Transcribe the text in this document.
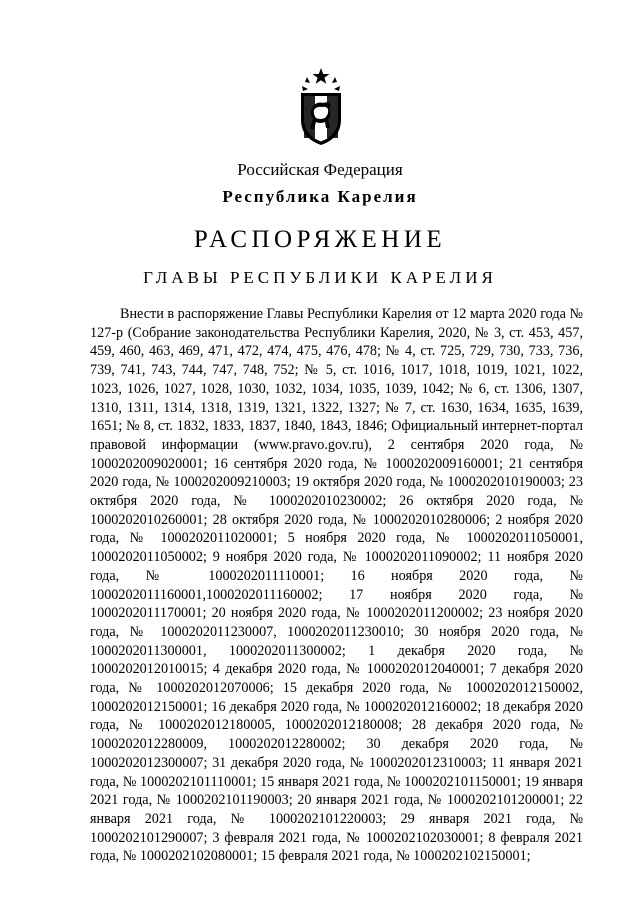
Российская Федерация
Республика Карелия
РАСПОРЯЖЕНИЕ
ГЛАВЫ РЕСПУБЛИКИ КАРЕЛИЯ

Внести в распоряжение Главы Республики Карелия от 12 марта 2020 года № 127-р (Собрание законодательства Республики Карелия, 2020, № 3, ст. 453, 457, 459, 460, 463, 469, 471, 472, 474, 475, 476, 478; № 4, ст. 725, 729, 730, 733, 736, 739, 741, 743, 744, 747, 748, 752; № 5, ст. 1016, 1017, 1018, 1019, 1021, 1022, 1023, 1026, 1027, 1028, 1030, 1032, 1034, 1035, 1039, 1042; № 6, ст. 1306, 1307, 1310, 1311, 1314, 1318, 1319, 1321, 1322, 1327; № 7, ст. 1630, 1634, 1635, 1639, 1651; № 8, ст. 1832, 1833, 1837, 1840, 1843, 1846; Официальный интернет-портал правовой информации (www.pravo.gov.ru), 2 сентября 2020 года, № 1000202009020001; 16 сентября 2020 года, № 1000202009160001; 21 сентября 2020 года, № 1000202009210003; 19 октября 2020 года, № 1000202010190003; 23 октября 2020 года, № 1000202010230002; 26 октября 2020 года, № 1000202010260001; 28 октября 2020 года, № 1000202010280006; 2 ноября 2020 года, № 1000202011020001; 5 ноября 2020 года, № 1000202011050001, 1000202011050002; 9 ноября 2020 года, № 1000202011090002; 11 ноября 2020 года, № 1000202011110001; 16 ноября 2020 года, № 1000202011160001,1000202011160002; 17 ноября 2020 года, № 1000202011170001; 20 ноября 2020 года, № 1000202011200002; 23 ноября 2020 года, № 1000202011230007, 1000202011230010; 30 ноября 2020 года, № 1000202011300001, 1000202011300002; 1 декабря 2020 года, № 1000202012010015; 4 декабря 2020 года, № 1000202012040001; 7 декабря 2020 года, № 1000202012070006; 15 декабря 2020 года, № 1000202012150002, 1000202012150001; 16 декабря 2020 года, № 1000202012160002; 18 декабря 2020 года, № 1000202012180005, 1000202012180008; 28 декабря 2020 года, № 1000202012280009, 1000202012280002; 30 декабря 2020 года, № 1000202012300007; 31 декабря 2020 года, № 1000202012310003; 11 января 2021 года, № 1000202101110001; 15 января 2021 года, № 1000202101150001; 19 января 2021 года, № 1000202101190003; 20 января 2021 года, № 1000202101200001; 22 января 2021 года, № 1000202101220003; 29 января 2021 года, № 1000202101290007; 3 февраля 2021 года, № 1000202102030001; 8 февраля 2021 года, № 1000202102080001; 15 февраля 2021 года, № 1000202102150001;
